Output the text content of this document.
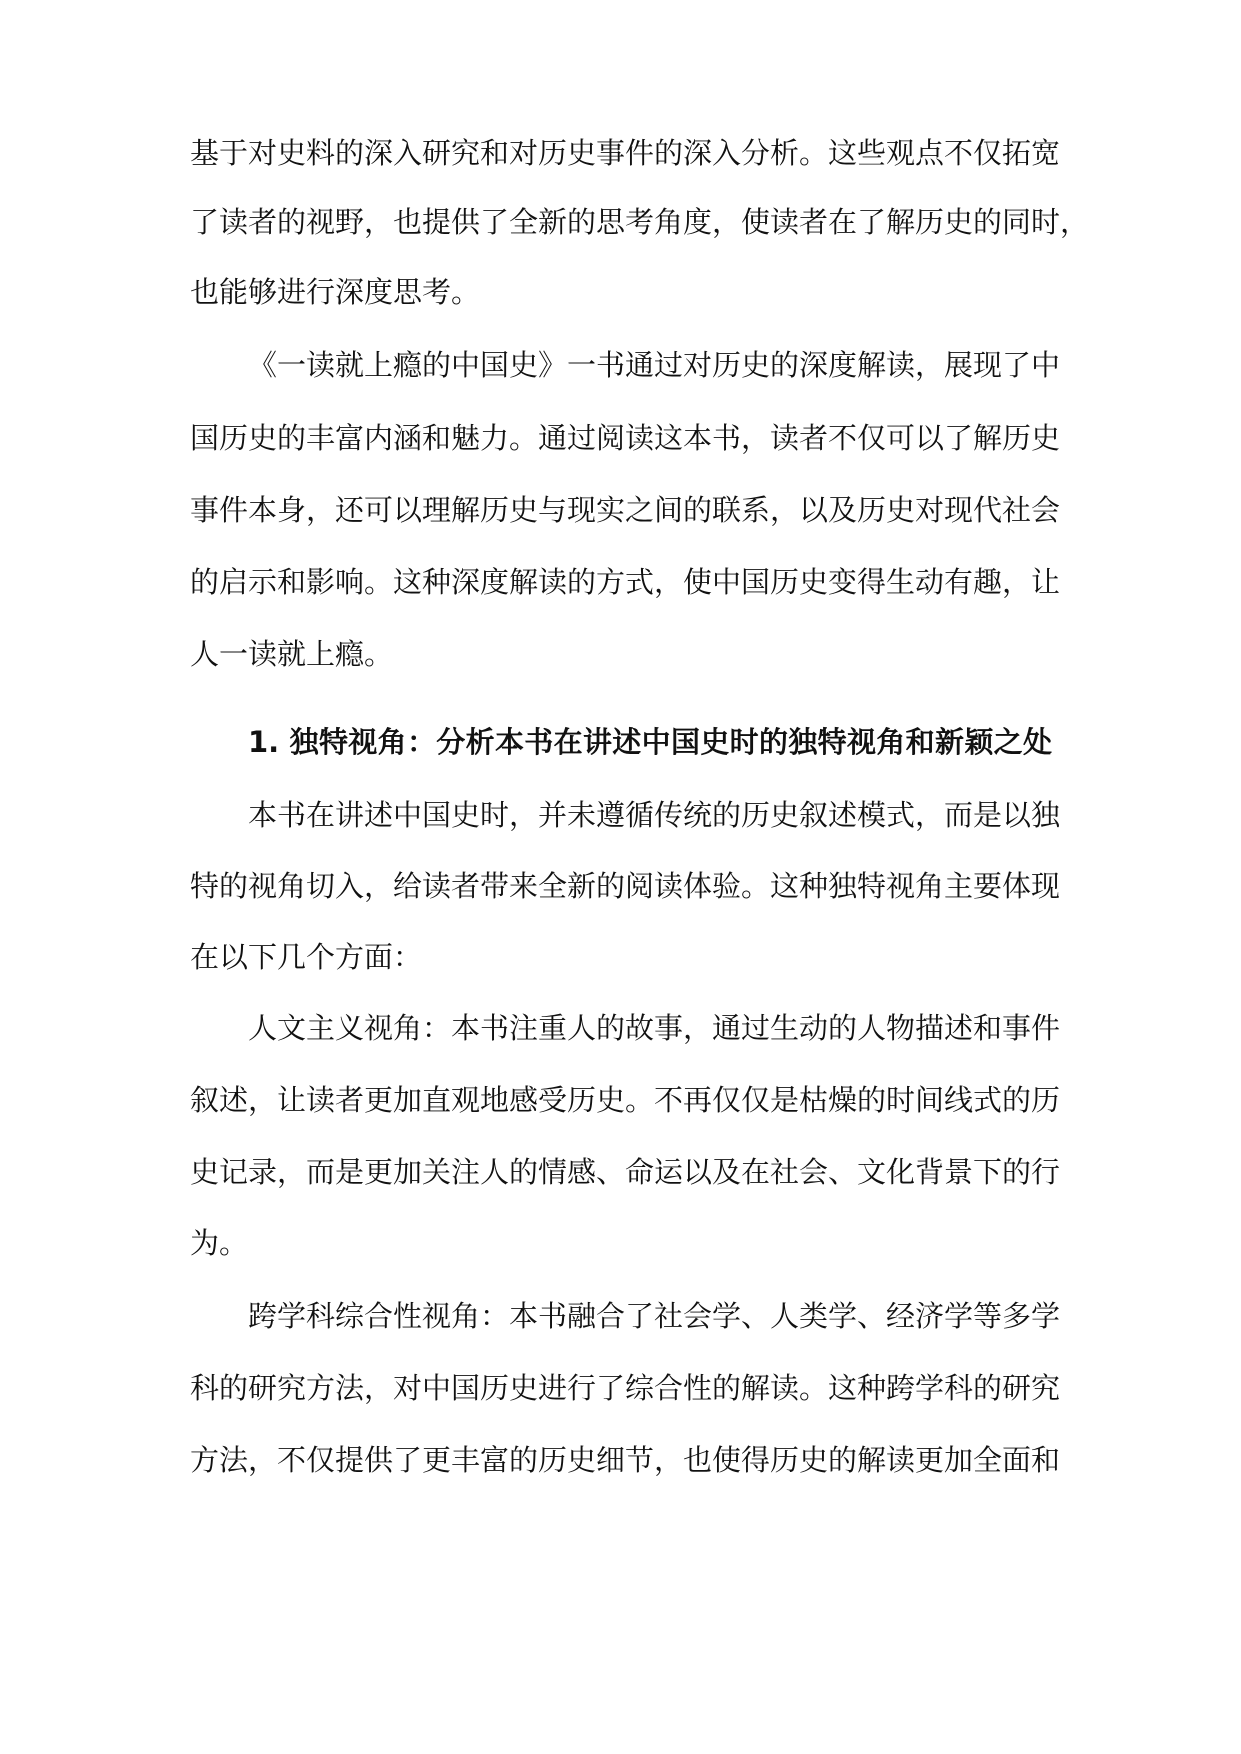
基于对史料的深入研究和对历史事件的深入分析。这些观点不仅拓宽
了读者的视野，也提供了全新的思考角度，使读者在了解历史的同时，
也能够进行深度思考。
《一读就上瘾的中国史》一书通过对历史的深度解读，展现了中
国历史的丰富内涵和魅力。通过阅读这本书，读者不仅可以了解历史
事件本身，还可以理解历史与现实之间的联系，以及历史对现代社会
的启示和影响。这种深度解读的方式，使中国历史变得生动有趣，让
人一读就上瘾。
1. 独特视角：分析本书在讲述中国史时的独特视角和新颖之处
本书在讲述中国史时，并未遵循传统的历史叙述模式，而是以独
特的视角切入，给读者带来全新的阅读体验。这种独特视角主要体现
在以下几个方面：
人文主义视角：本书注重人的故事，通过生动的人物描述和事件
叙述，让读者更加直观地感受历史。不再仅仅是枯燥的时间线式的历
史记录，而是更加关注人的情感、命运以及在社会、文化背景下的行
为。
跨学科综合性视角：本书融合了社会学、人类学、经济学等多学
科的研究方法，对中国历史进行了综合性的解读。这种跨学科的研究
方法，不仅提供了更丰富的历史细节，也使得历史的解读更加全面和
